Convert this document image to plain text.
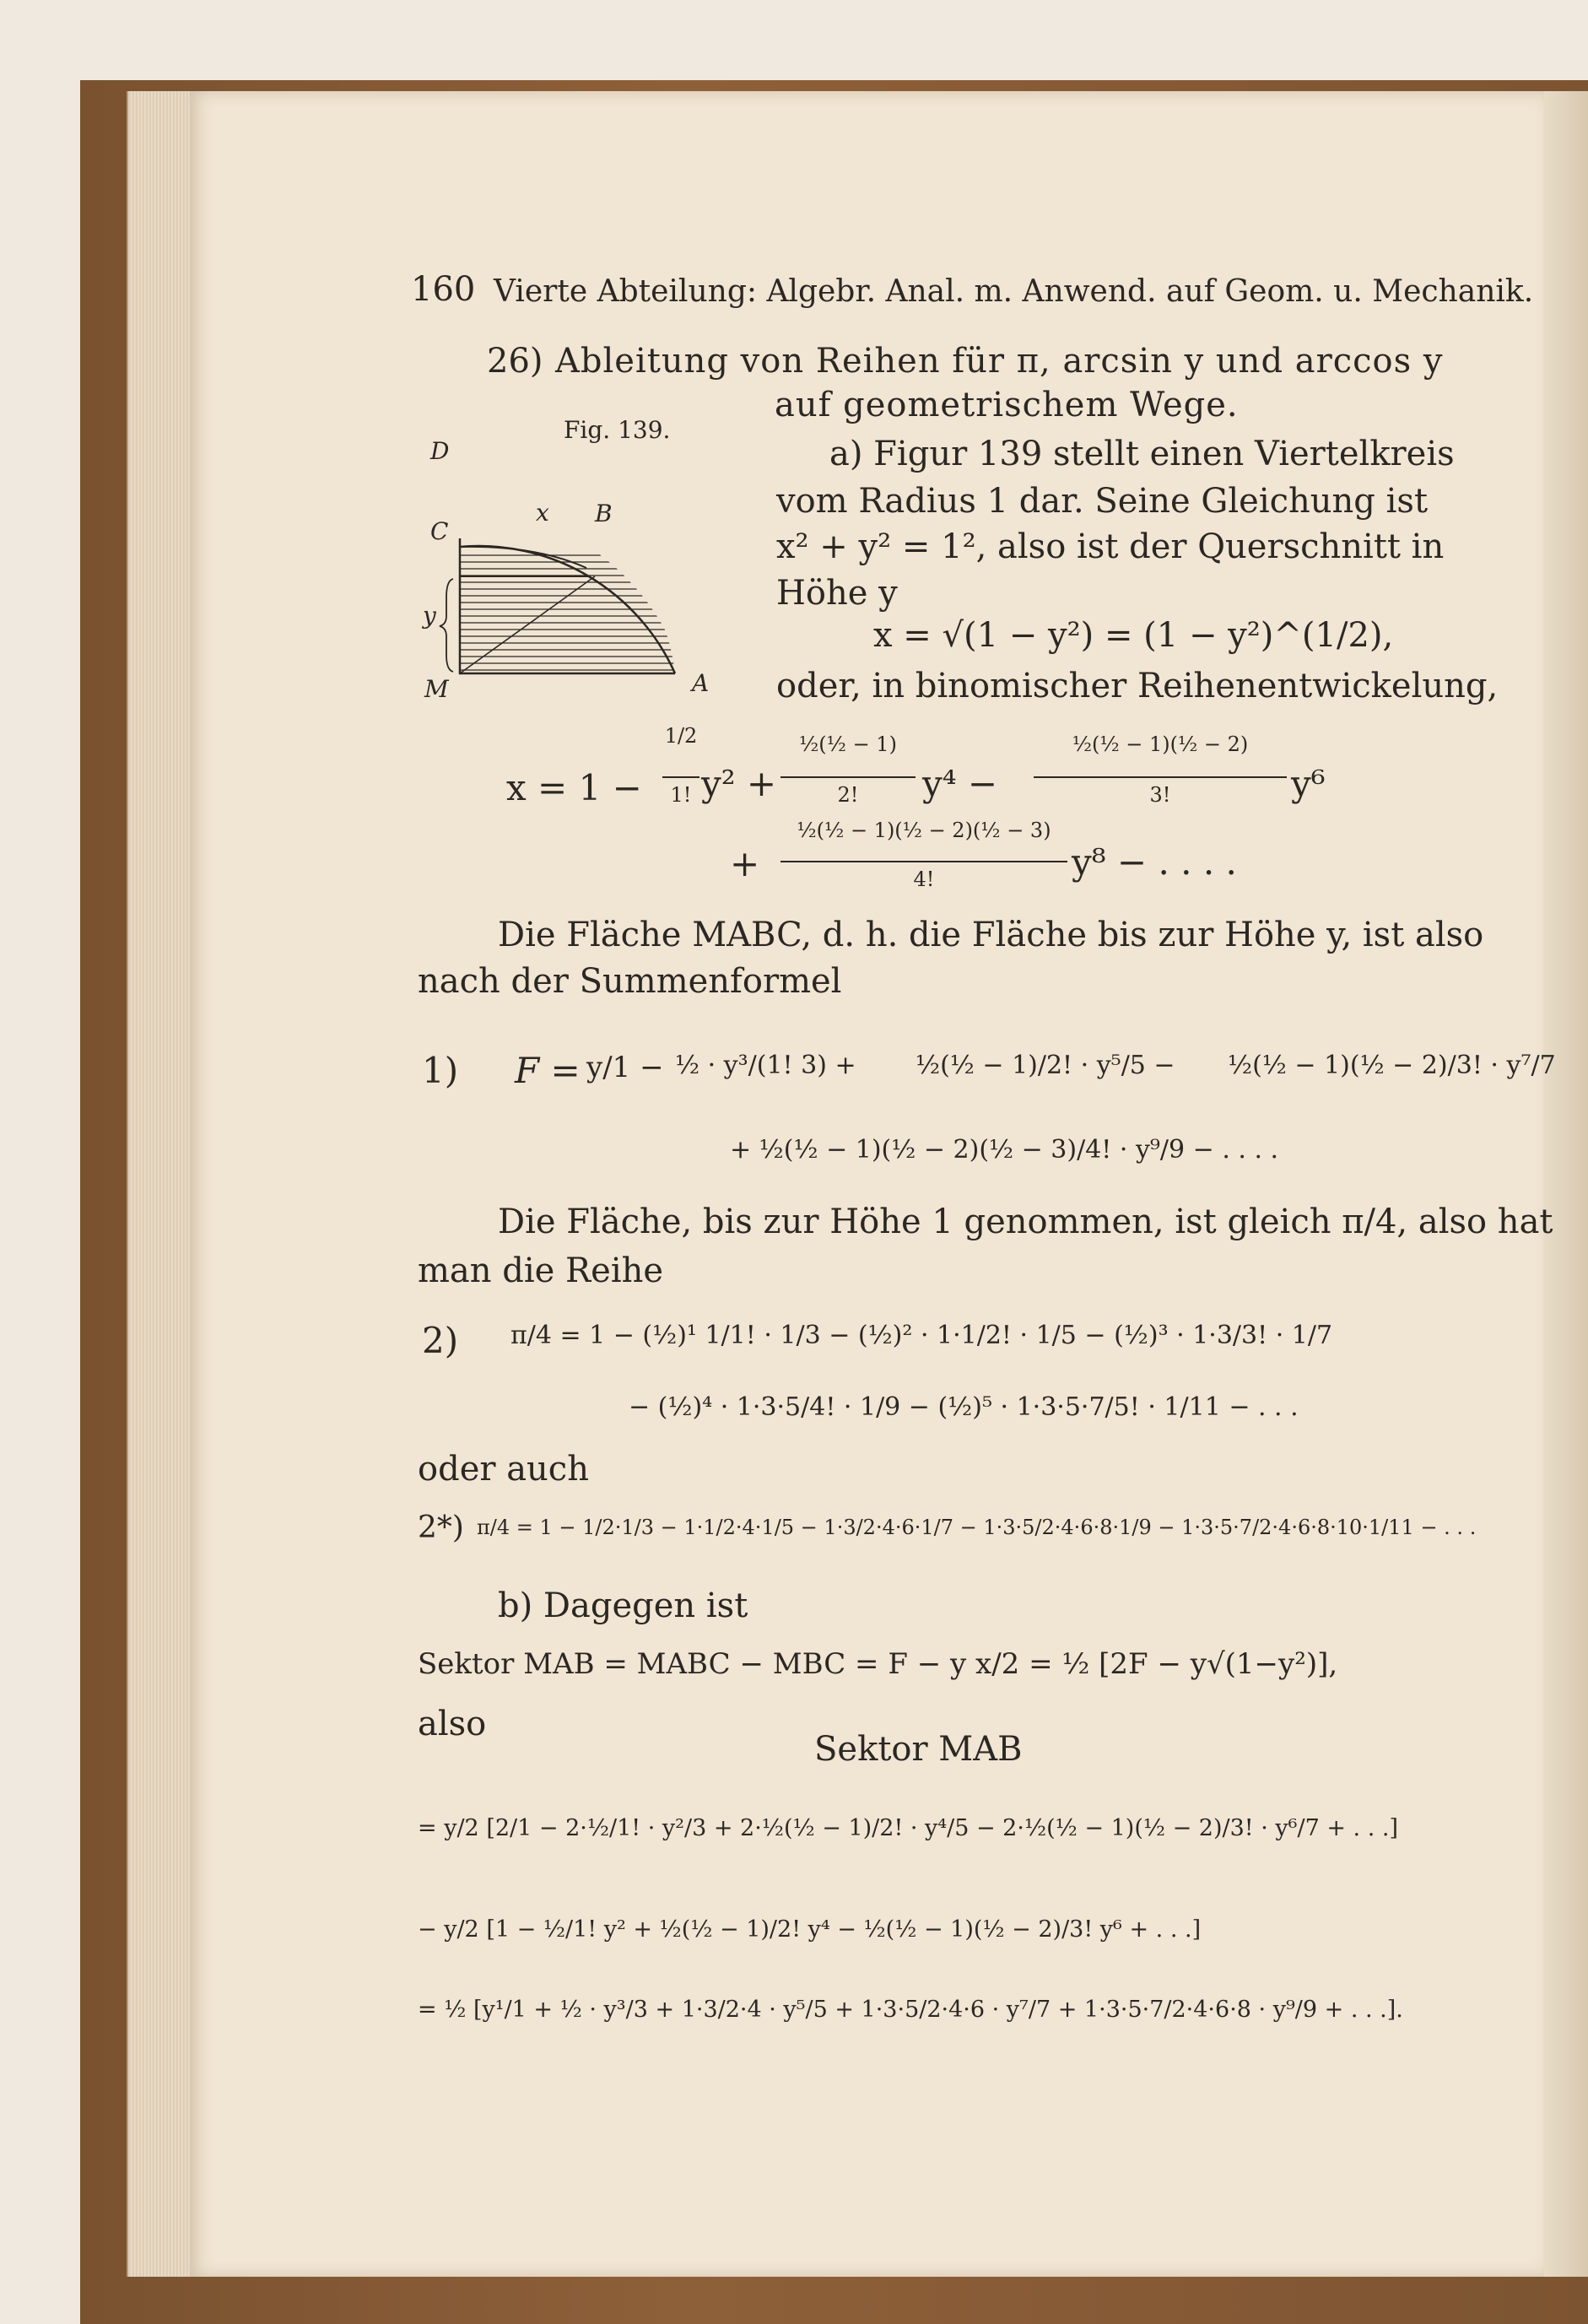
160 Vierte Abteilung: Algebr. Anal. m. Anwend. auf Geom. u. Mechanik.
26) Ableitung von Reihen für π, arcsin y und arccos y
auf geometrischem Wege.
Fig. 139.
D
C
x B
y
M	A
a) Figur 139 stellt einen Viertelkreis
vom Radius 1 dar. Seine Gleichung ist
x² + y² = 1², also ist der Querschnitt in
Höhe y
x = √(1 − y²) = (1 − y²)^(1/2),
oder, in binomischer Reihenentwickelung,
x = 1 −
1/2
1! y² +
½(½ − 1)
2!	y⁴ −
½(½ − 1)(½ − 2)
3!	y⁶
+
½(½ − 1)(½ − 2)(½ − 3)
4!	y⁸ − . . . .
Die Fläche MABC, d. h. die Fläche bis zur Höhe y, ist also
nach der Summenformel
1) F = y/1 − ½ · y³/(1! 3) + ½(½ − 1)/2! · y⁵/5 − ½(½ − 1)(½ − 2)/3! · y⁷/7
+ ½(½ − 1)(½ − 2)(½ − 3)/4! · y⁹/9 − . . . .
Die Fläche, bis zur Höhe 1 genommen, ist gleich π/4, also hat
man die Reihe
2) π/4 = 1 − (½)¹ 1/1! · 1/3 − (½)² · 1·1/2! · 1/5 − (½)³ · 1·3/3! · 1/7
− (½)⁴ · 1·3·5/4! · 1/9 − (½)⁵ · 1·3·5·7/5! · 1/11 − . . .
oder auch
2*) π/4 = 1 − 1/2·1/3 − 1·1/2·4·1/5 − 1·3/2·4·6·1/7 − 1·3·5/2·4·6·8·1/9 − 1·3·5·7/2·4·6·8·10·1/11 − . . .
b) Dagegen ist
Sektor MAB = MABC − MBC = F − y x/2 = ½ [2F − y√(1−y²)],
also
Sektor MAB
= y/2 [2/1 − 2·½/1! · y²/3 + 2·½(½ − 1)/2! · y⁴/5 − 2·½(½ − 1)(½ − 2)/3! · y⁶/7 + . . .]
− y/2 [1 − ½/1! y² + ½(½ − 1)/2! y⁴ − ½(½ − 1)(½ − 2)/3! y⁶ + . . .]
= ½ [y¹/1 + ½ · y³/3 + 1·3/2·4 · y⁵/5 + 1·3·5/2·4·6 · y⁷/7 + 1·3·5·7/2·4·6·8 · y⁹/9 + . . .].
